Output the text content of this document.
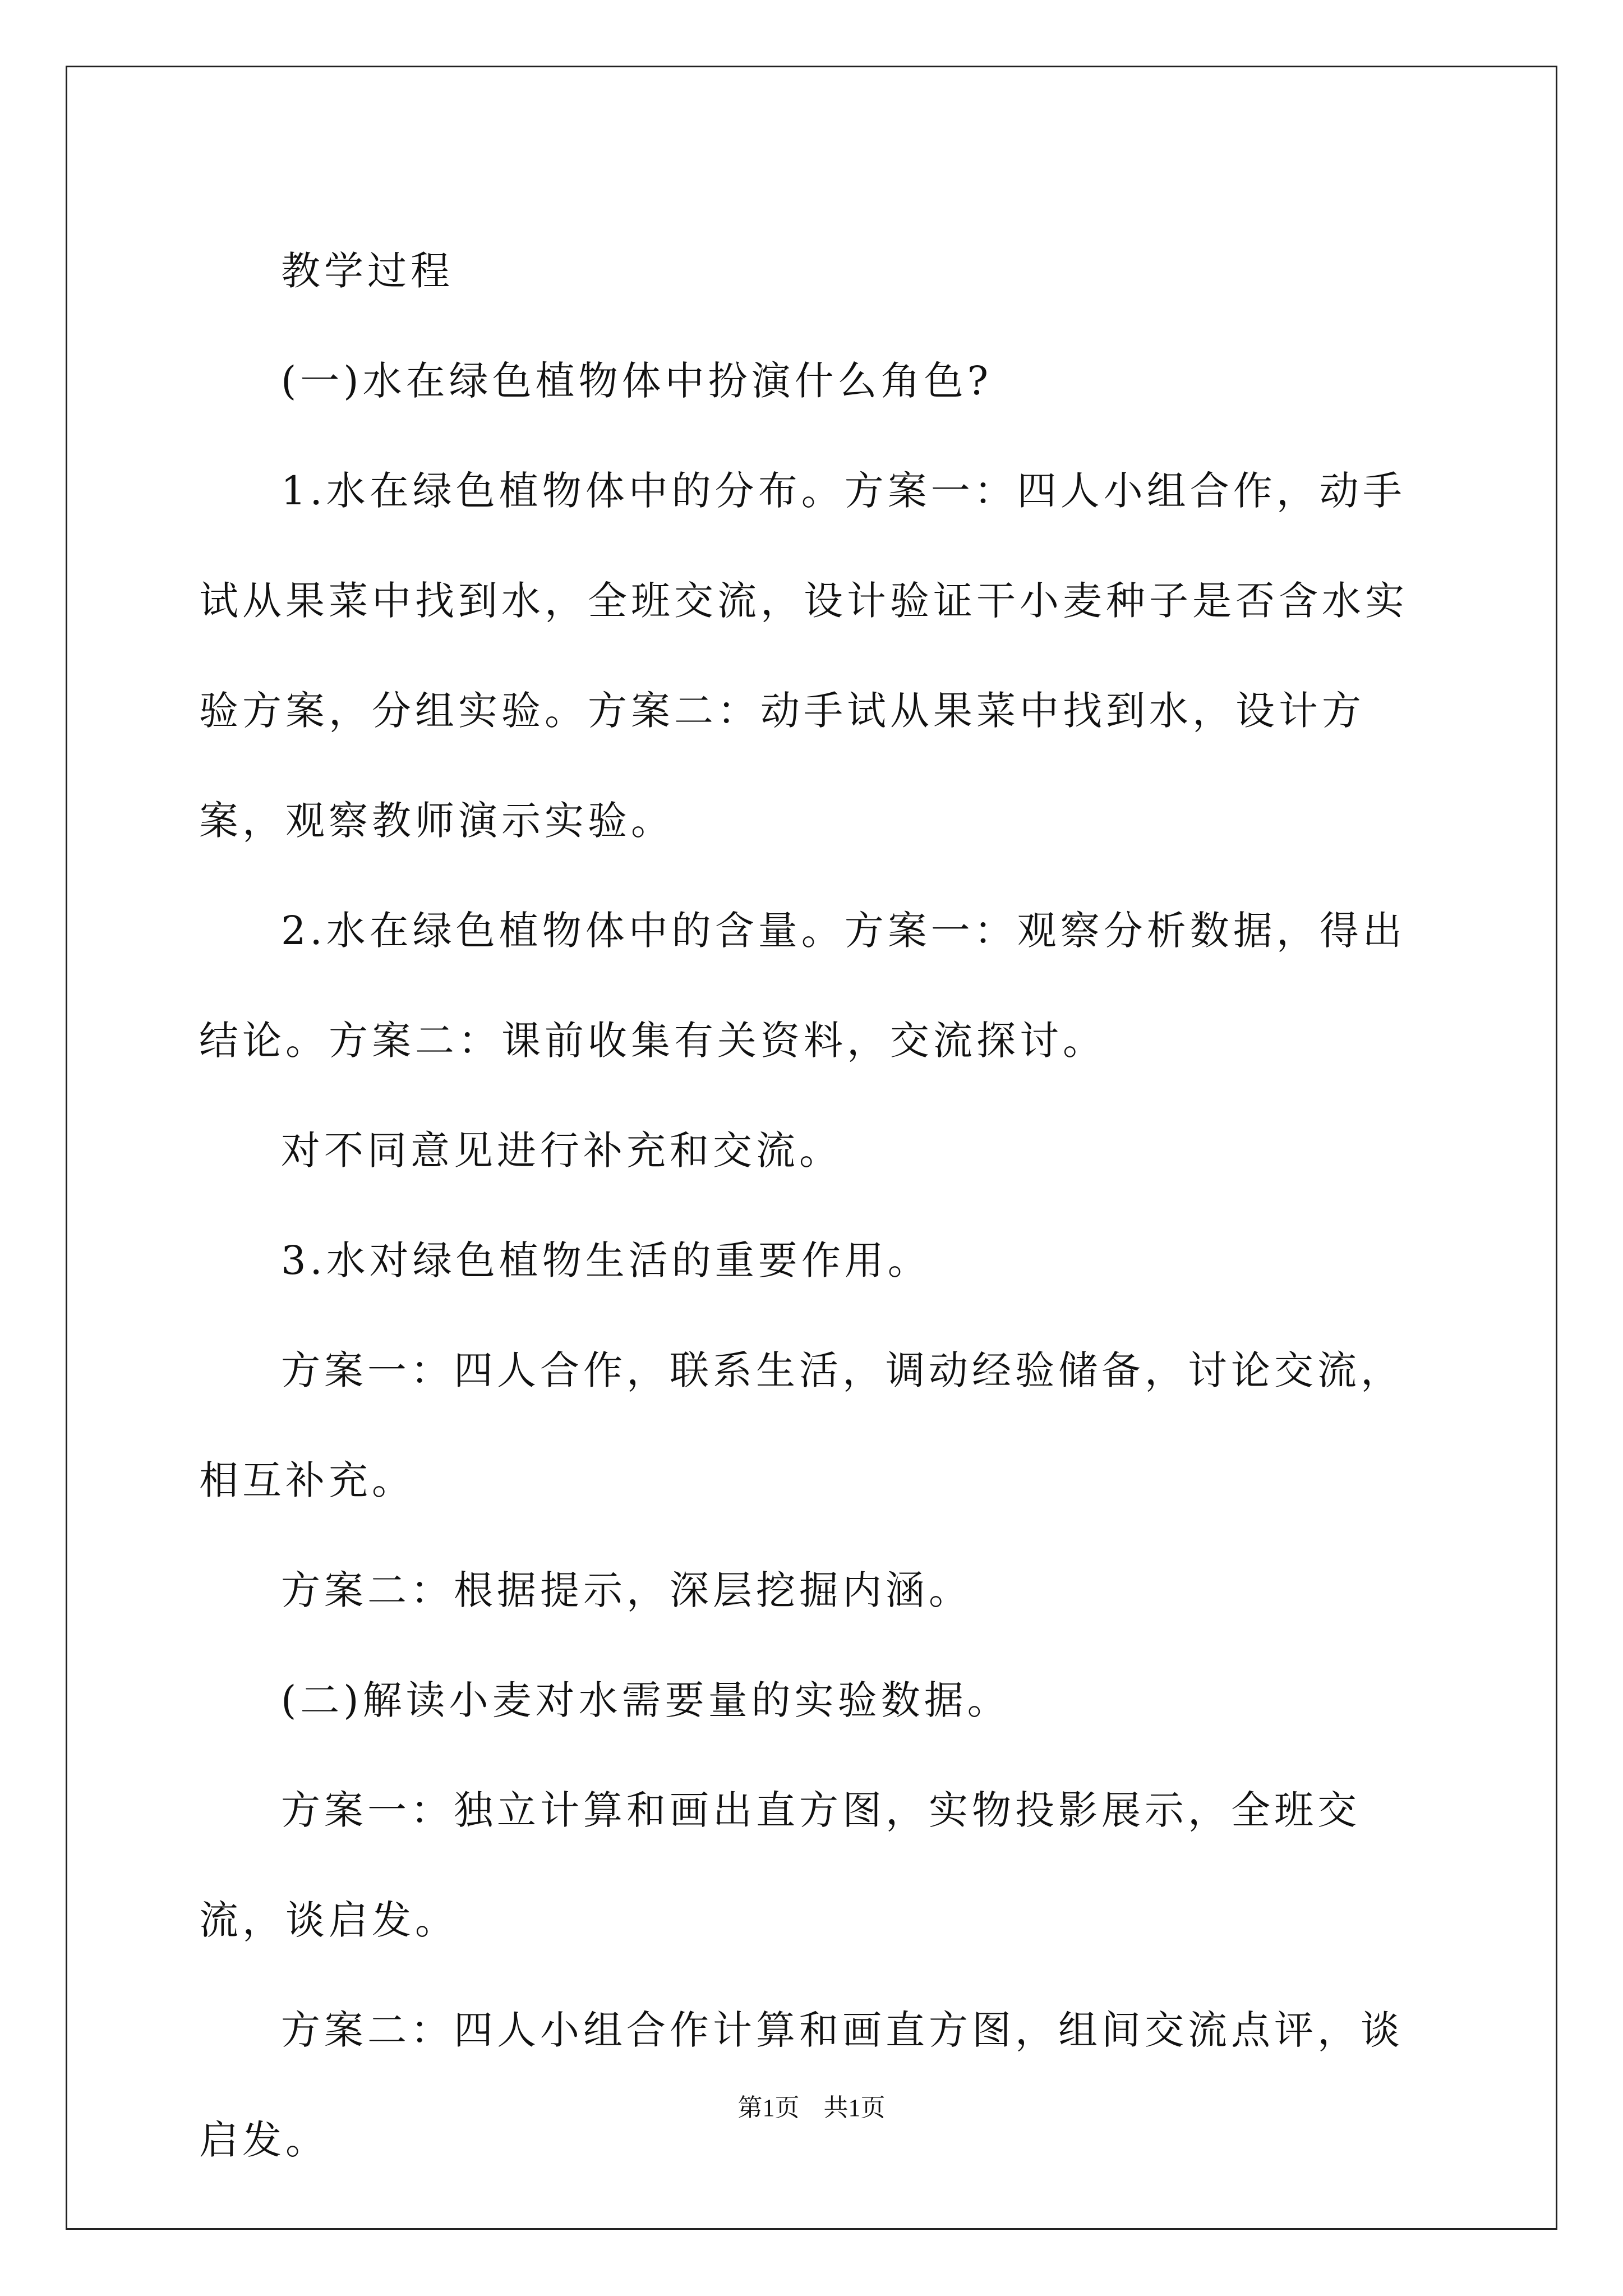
教学过程

(一)水在绿色植物体中扮演什么角色?

1.水在绿色植物体中的分布。方案一：四人小组合作，动手试从果菜中找到水，全班交流，设计验证干小麦种子是否含水实验方案，分组实验。方案二：动手试从果菜中找到水，设计方案，观察教师演示实验。

2.水在绿色植物体中的含量。方案一：观察分析数据，得出结论。方案二：课前收集有关资料，交流探讨。

对不同意见进行补充和交流。

3.水对绿色植物生活的重要作用。

方案一：四人合作，联系生活，调动经验储备，讨论交流，相互补充。

方案二：根据提示，深层挖掘内涵。

(二)解读小麦对水需要量的实验数据。

方案一：独立计算和画出直方图，实物投影展示，全班交流，谈启发。

方案二：四人小组合作计算和画直方图，组间交流点评，谈启发。

第1页 共1页
